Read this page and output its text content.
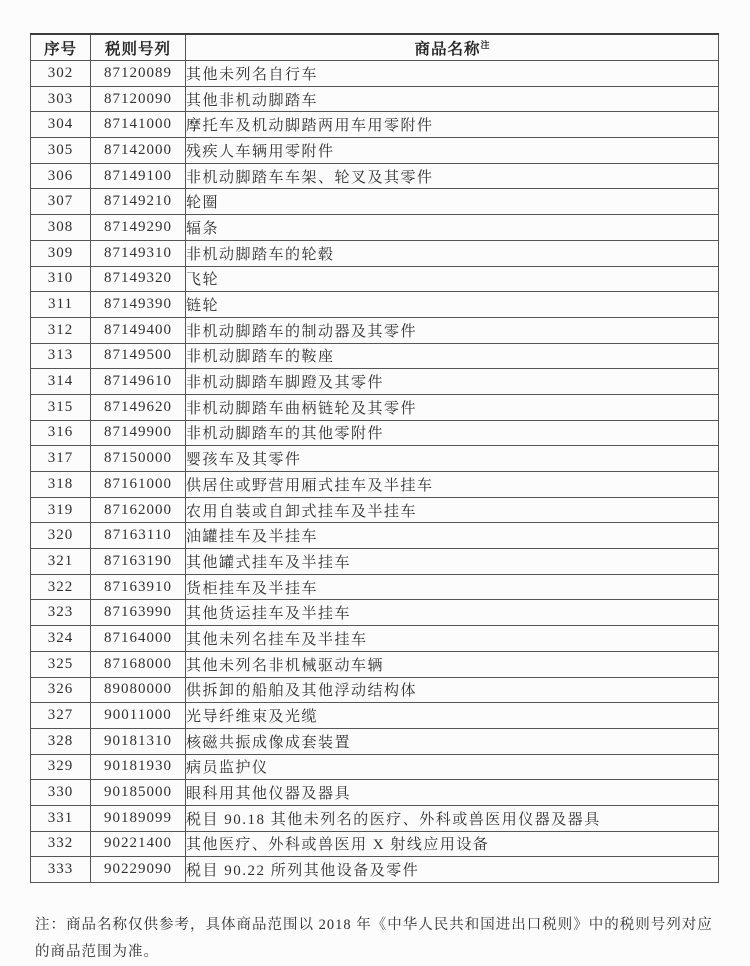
序号	税则号列	商品名称$^注$
302	87120089	其他未列名自行车
303	87120090	其他非机动脚踏车
304	87141000	摩托车及机动脚踏两用车用零附件
305	87142000	残疾人车辆用零附件
306	87149100	非机动脚踏车车架、轮叉及其零件
307	87149210	轮圈
308	87149290	辐条
309	87149310	非机动脚踏车的轮毂
310	87149320	飞轮
311	87149390	链轮
312	87149400	非机动脚踏车的制动器及其零件
313	87149500	非机动脚踏车的鞍座
314	87149610	非机动脚踏车脚蹬及其零件
315	87149620	非机动脚踏车曲柄链轮及其零件
316	87149900	非机动脚踏车的其他零附件
317	87150000	婴孩车及其零件
318	87161000	供居住或野营用厢式挂车及半挂车
319	87162000	农用自装或自卸式挂车及半挂车
320	87163110	油罐挂车及半挂车
321	87163190	其他罐式挂车及半挂车
322	87163910	货柜挂车及半挂车
323	87163990	其他货运挂车及半挂车
324	87164000	其他未列名挂车及半挂车
325	87168000	其他未列名非机械驱动车辆
326	89080000	供拆卸的船舶及其他浮动结构体
327	90011000	光导纤维束及光缆
328	90181310	核磁共振成像成套装置
329	90181930	病员监护仪
330	90185000	眼科用其他仪器及器具
331	90189099	税目 90.18 其他未列名的医疗、外科或兽医用仪器及器具
332	90221400	其他医疗、外科或兽医用 X 射线应用设备
333	90229090	税目 90.22 所列其他设备及零件

注：商品名称仅供参考，具体商品范围以 2018 年《中华人民共和国进出口税则》中的税则号列对应的商品范围为准。
